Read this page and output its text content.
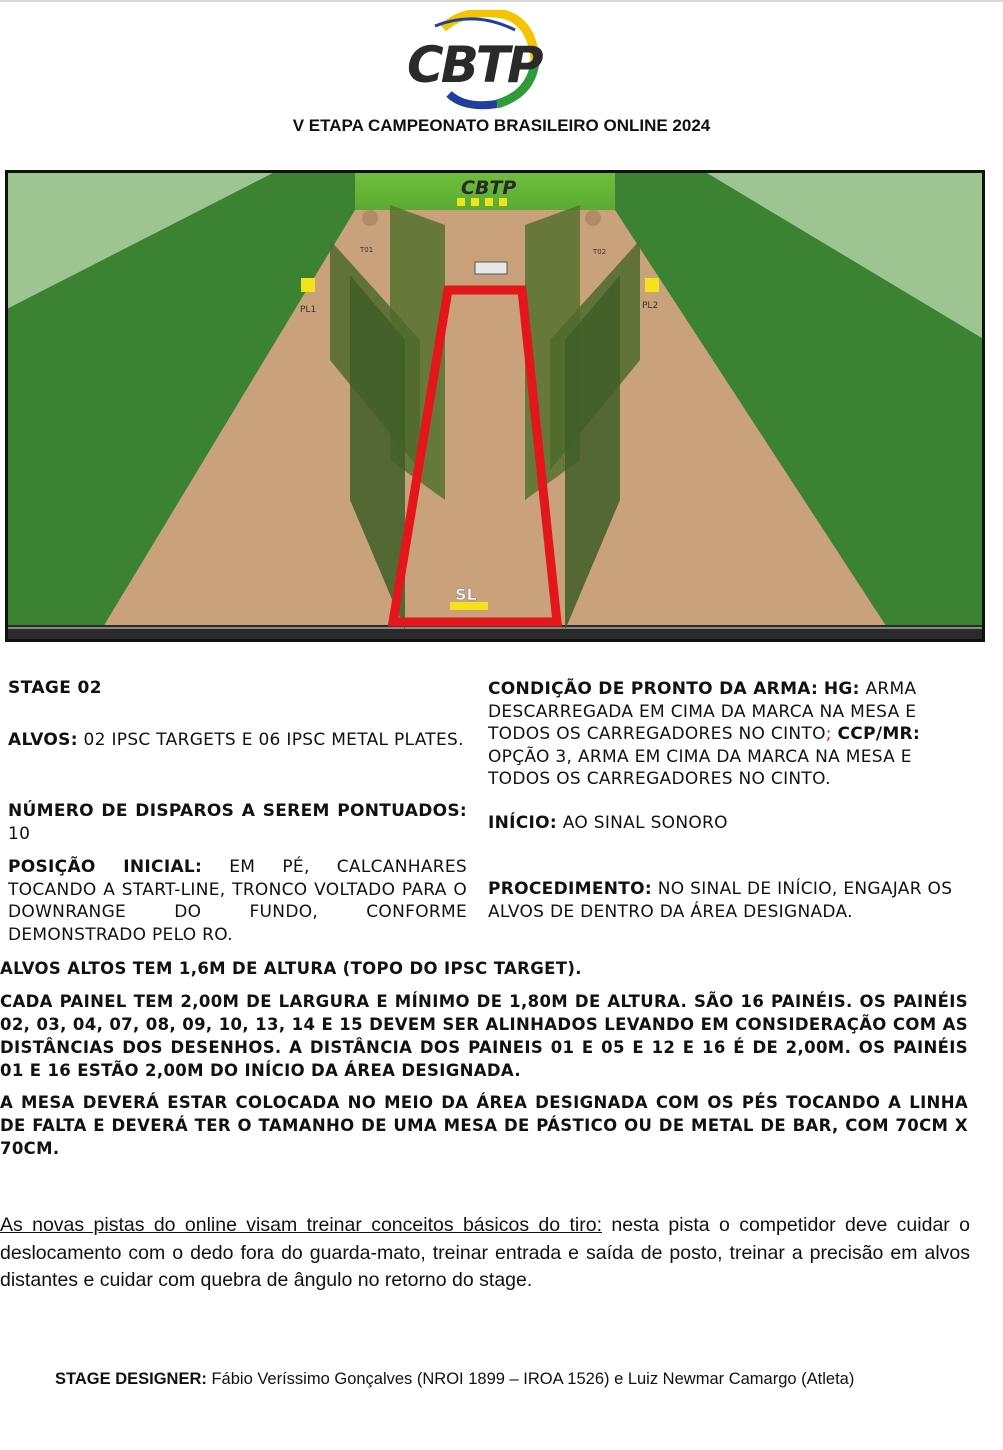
CBTP
V ETAPA CAMPEONATO BRASILEIRO ONLINE 2024
CBTP
PL1	PL2
T01	T02
SL
STAGE 02
ALVOS: 02 IPSC TARGETS E 06 IPSC METAL PLATES.
NÚMERO DE DISPAROS A SEREM PONTUADOS: 10
POSIÇÃO INICIAL: EM PÉ, CALCANHARES TOCANDO A START-LINE, TRONCO VOLTADO PARA O DOWNRANGE DO FUNDO, CONFORME DEMONSTRADO PELO RO.
CONDIÇÃO DE PRONTO DA ARMA: HG: ARMA DESCARREGADA EM CIMA DA MARCA NA MESA E TODOS OS CARREGADORES NO CINTO; CCP/MR: OPÇÃO 3, ARMA EM CIMA DA MARCA NA MESA E TODOS OS CARREGADORES NO CINTO.
INÍCIO: AO SINAL SONORO
PROCEDIMENTO: NO SINAL DE INÍCIO, ENGAJAR OS ALVOS DE DENTRO DA ÁREA DESIGNADA.
ALVOS ALTOS TEM 1,6M DE ALTURA (TOPO DO IPSC TARGET).
CADA PAINEL TEM 2,00M DE LARGURA E MÍNIMO DE 1,80M DE ALTURA. SÃO 16 PAINÉIS. OS PAINÉIS 02, 03, 04, 07, 08, 09, 10, 13, 14 E 15 DEVEM SER ALINHADOS LEVANDO EM CONSIDERAÇÃO COM AS DISTÂNCIAS DOS DESENHOS. A DISTÂNCIA DOS PAINEIS 01 E 05 E 12 E 16 É DE 2,00M. OS PAINÉIS 01 E 16 ESTÃO 2,00M DO INÍCIO DA ÁREA DESIGNADA.
A MESA DEVERÁ ESTAR COLOCADA NO MEIO DA ÁREA DESIGNADA COM OS PÉS TOCANDO A LINHA DE FALTA E DEVERÁ TER O TAMANHO DE UMA MESA DE PÁSTICO OU DE METAL DE BAR, COM 70CM X 70CM.
As novas pistas do online visam treinar conceitos básicos do tiro: nesta pista o competidor deve cuidar o deslocamento com o dedo fora do guarda-mato, treinar entrada e saída de posto, treinar a precisão em alvos distantes e cuidar com quebra de ângulo no retorno do stage.
STAGE DESIGNER: Fábio Veríssimo Gonçalves (NROI 1899 – IROA 1526) e Luiz Newmar Camargo (Atleta)
